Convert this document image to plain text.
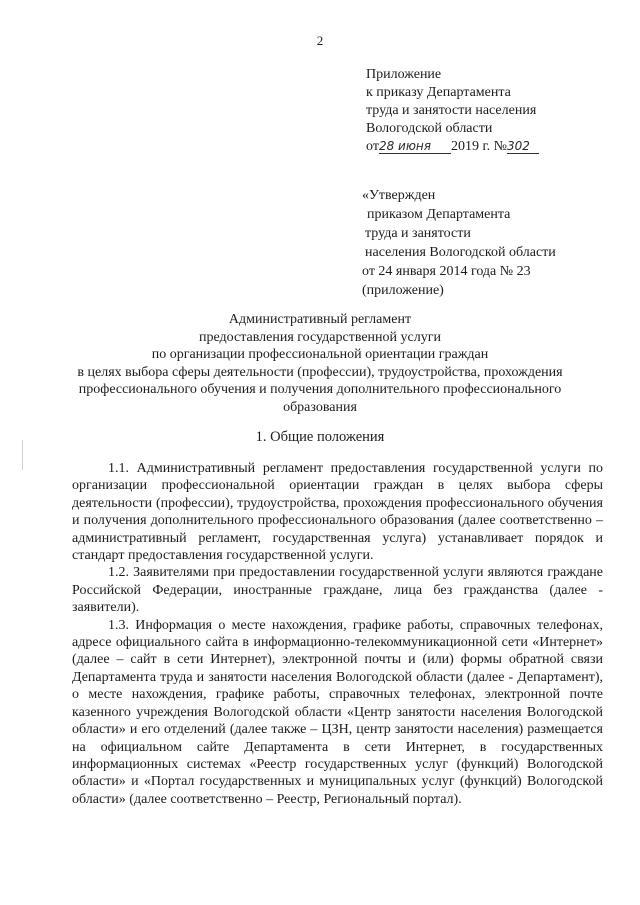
2
Приложение
к приказу Департамента
труда и занятости населения
Вологодской области
от28 июня 2019 г. №302
«Утвержден
приказом Департамента
труда и занятости
населения Вологодской области
от 24 января 2014 года № 23
(приложение)
Административный регламент
предоставления государственной услуги
по организации профессиональной ориентации граждан
в целях выбора сферы деятельности (профессии), трудоустройства, прохождения
профессионального обучения и получения дополнительного профессионального
образования
1. Общие положения

1.1. Административный регламент предоставления государственной услуги по организации профессиональной ориентации граждан в целях выбора сферы деятельности (профессии), трудоустройства, прохождения профессионального обучения и получения дополнительного профессионального образования (далее соответственно – административный регламент, государственная услуга) устанавливает порядок и стандарт предоставления государственной услуги.

1.2. Заявителями при предоставлении государственной услуги являются граждане Российской Федерации, иностранные граждане, лица без гражданства (далее - заявители).

1.3. Информация о месте нахождения, графике работы, справочных телефонах, адресе официального сайта в информационно-телекоммуникационной сети «Интернет» (далее – сайт в сети Интернет), электронной почты и (или) формы обратной связи Департамента труда и занятости населения Вологодской области (далее - Департамент), о месте нахождения, графике работы, справочных телефонах, электронной почте казенного учреждения Вологодской области «Центр занятости населения Вологодской области» и его отделений (далее также – ЦЗН, центр занятости населения) размещается на официальном сайте Департамента в сети Интернет, в государственных информационных системах «Реестр государственных услуг (функций) Вологодской области» и «Портал государственных и муниципальных услуг (функций) Вологодской области» (далее соответственно – Реестр, Региональный портал).
